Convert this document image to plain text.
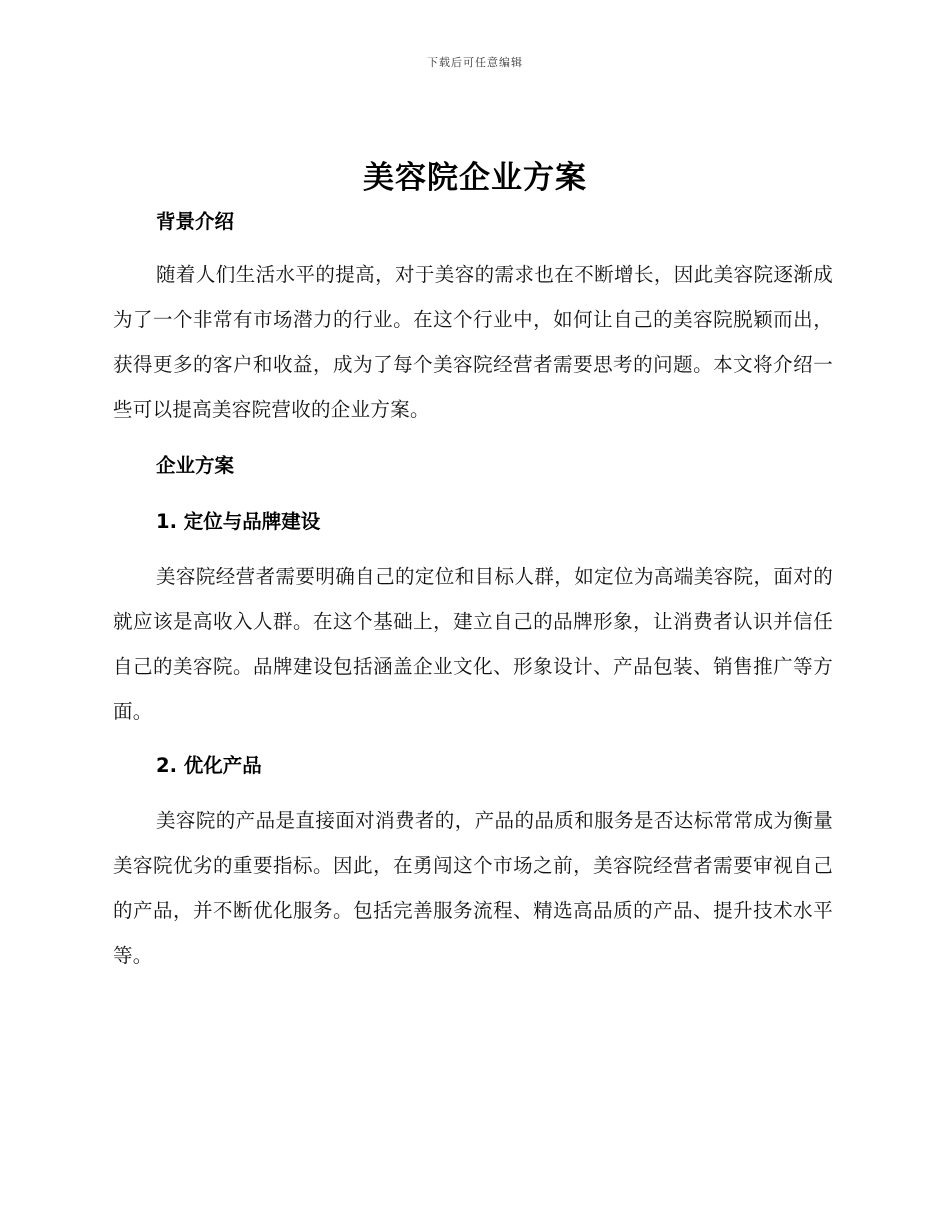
下载后可任意编辑
美容院企业方案
背景介绍

随着人们生活水平的提高，对于美容的需求也在不断增长，因此美容院逐渐成为了一个非常有市场潜力的行业。在这个行业中，如何让自己的美容院脱颖而出，获得更多的客户和收益，成为了每个美容院经营者需要思考的问题。本文将介绍一些可以提高美容院营收的企业方案。

企业方案
1. 定位与品牌建设

美容院经营者需要明确自己的定位和目标人群，如定位为高端美容院，面对的就应该是高收入人群。在这个基础上，建立自己的品牌形象，让消费者认识并信任自己的美容院。品牌建设包括涵盖企业文化、形象设计、产品包装、销售推广等方面。

2. 优化产品

美容院的产品是直接面对消费者的，产品的品质和服务是否达标常常成为衡量美容院优劣的重要指标。因此，在勇闯这个市场之前，美容院经营者需要审视自己的产品，并不断优化服务。包括完善服务流程、精选高品质的产品、提升技术水平等。
